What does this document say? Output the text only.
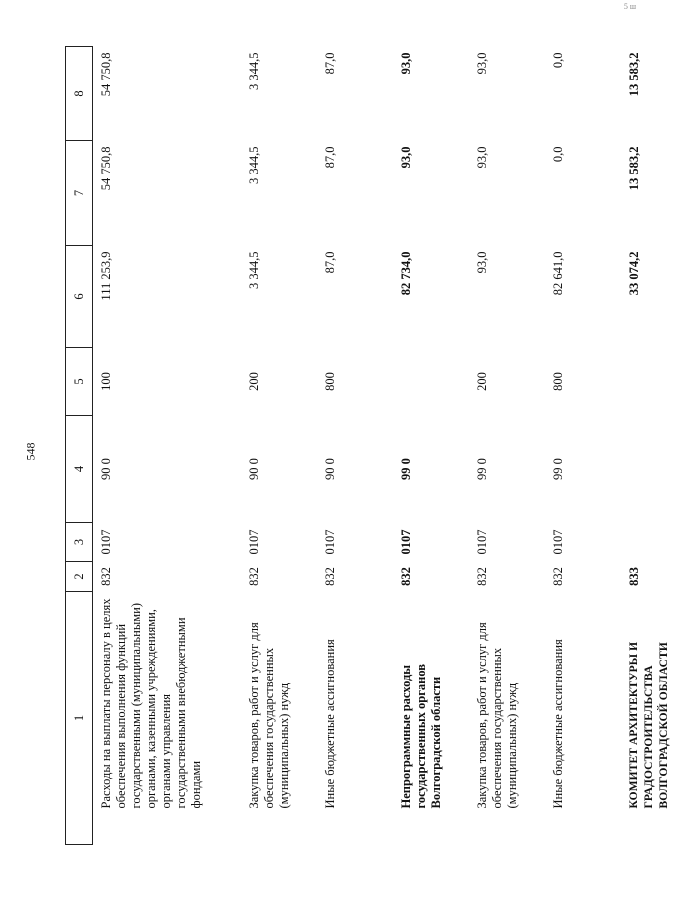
548
5 ш
1	2	3	4	5	6	7	8
Расходы на выплаты персоналу в целях обеспечения выполнения функций государственными (муниципальными) органами, казенными учреждениями, органами управления государственными внебюджетными фондами	832	0107	90 0	100	111 253,9	54 750,8	54 750,8
Закупка товаров, работ и услуг для обеспечения государственных (муниципальных) нужд	832	0107	90 0	200	3 344,5	3 344,5	3 344,5
Иные бюджетные ассигнования	832	0107	90 0	800	87,0	87,0	87,0
Непрограммные расходы государственных органов Волгоградской области	832	0107	99 0		82 734,0	93,0	93,0
Закупка товаров, работ и услуг для обеспечения государственных (муниципальных) нужд	832	0107	99 0	200	93,0	93,0	93,0
Иные бюджетные ассигнования	832	0107	99 0	800	82 641,0	0,0	0,0
КОМИТЕТ АРХИТЕКТУРЫ И ГРАДОСТРОИТЕЛЬСТВА ВОЛГОГРАДСКОЙ ОБЛАСТИ	833				33 074,2	13 583,2	13 583,2
